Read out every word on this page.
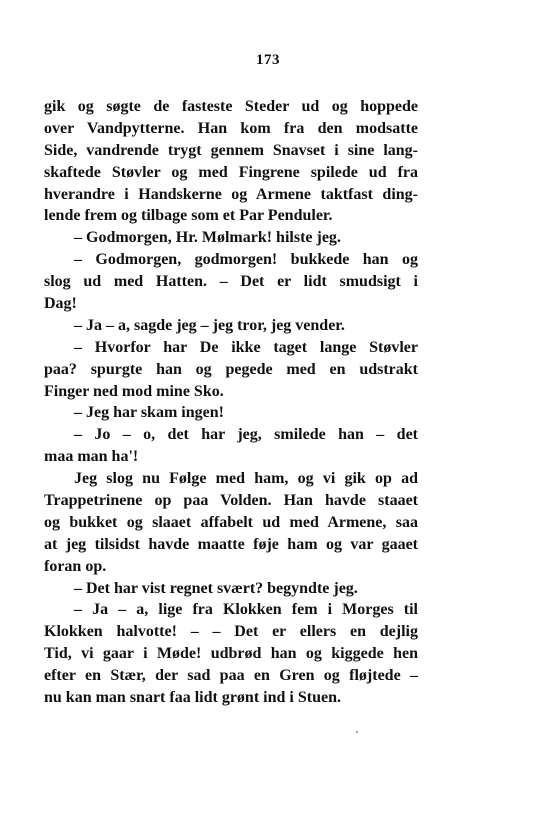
173
gik og søgte de fasteste Steder ud og hoppede
over Vandpytterne. Han kom fra den modsatte
Side, vandrende trygt gennem Snavset i sine lang-
skaftede Støvler og med Fingrene spilede ud fra
hverandre i Handskerne og Armene taktfast ding-
lende frem og tilbage som et Par Penduler.
– Godmorgen, Hr. Mølmark! hilste jeg.
– Godmorgen, godmorgen! bukkede han og
slog ud med Hatten. – Det er lidt smudsigt i
Dag!
– Ja – a, sagde jeg – jeg tror, jeg vender.
– Hvorfor har De ikke taget lange Støvler
paa? spurgte han og pegede med en udstrakt
Finger ned mod mine Sko.
– Jeg har skam ingen!
– Jo – o, det har jeg, smilede han – det
maa man ha'!
Jeg slog nu Følge med ham, og vi gik op ad
Trappetrinene op paa Volden. Han havde staaet
og bukket og slaaet affabelt ud med Armene, saa
at jeg tilsidst havde maatte føje ham og var gaaet
foran op.
– Det har vist regnet svært? begyndte jeg.
– Ja – a, lige fra Klokken fem i Morges til
Klokken halvotte! – – Det er ellers en dejlig
Tid, vi gaar i Møde! udbrød han og kiggede hen
efter en Stær, der sad paa en Gren og fløjtede –
nu kan man snart faa lidt grønt ind i Stuen.
